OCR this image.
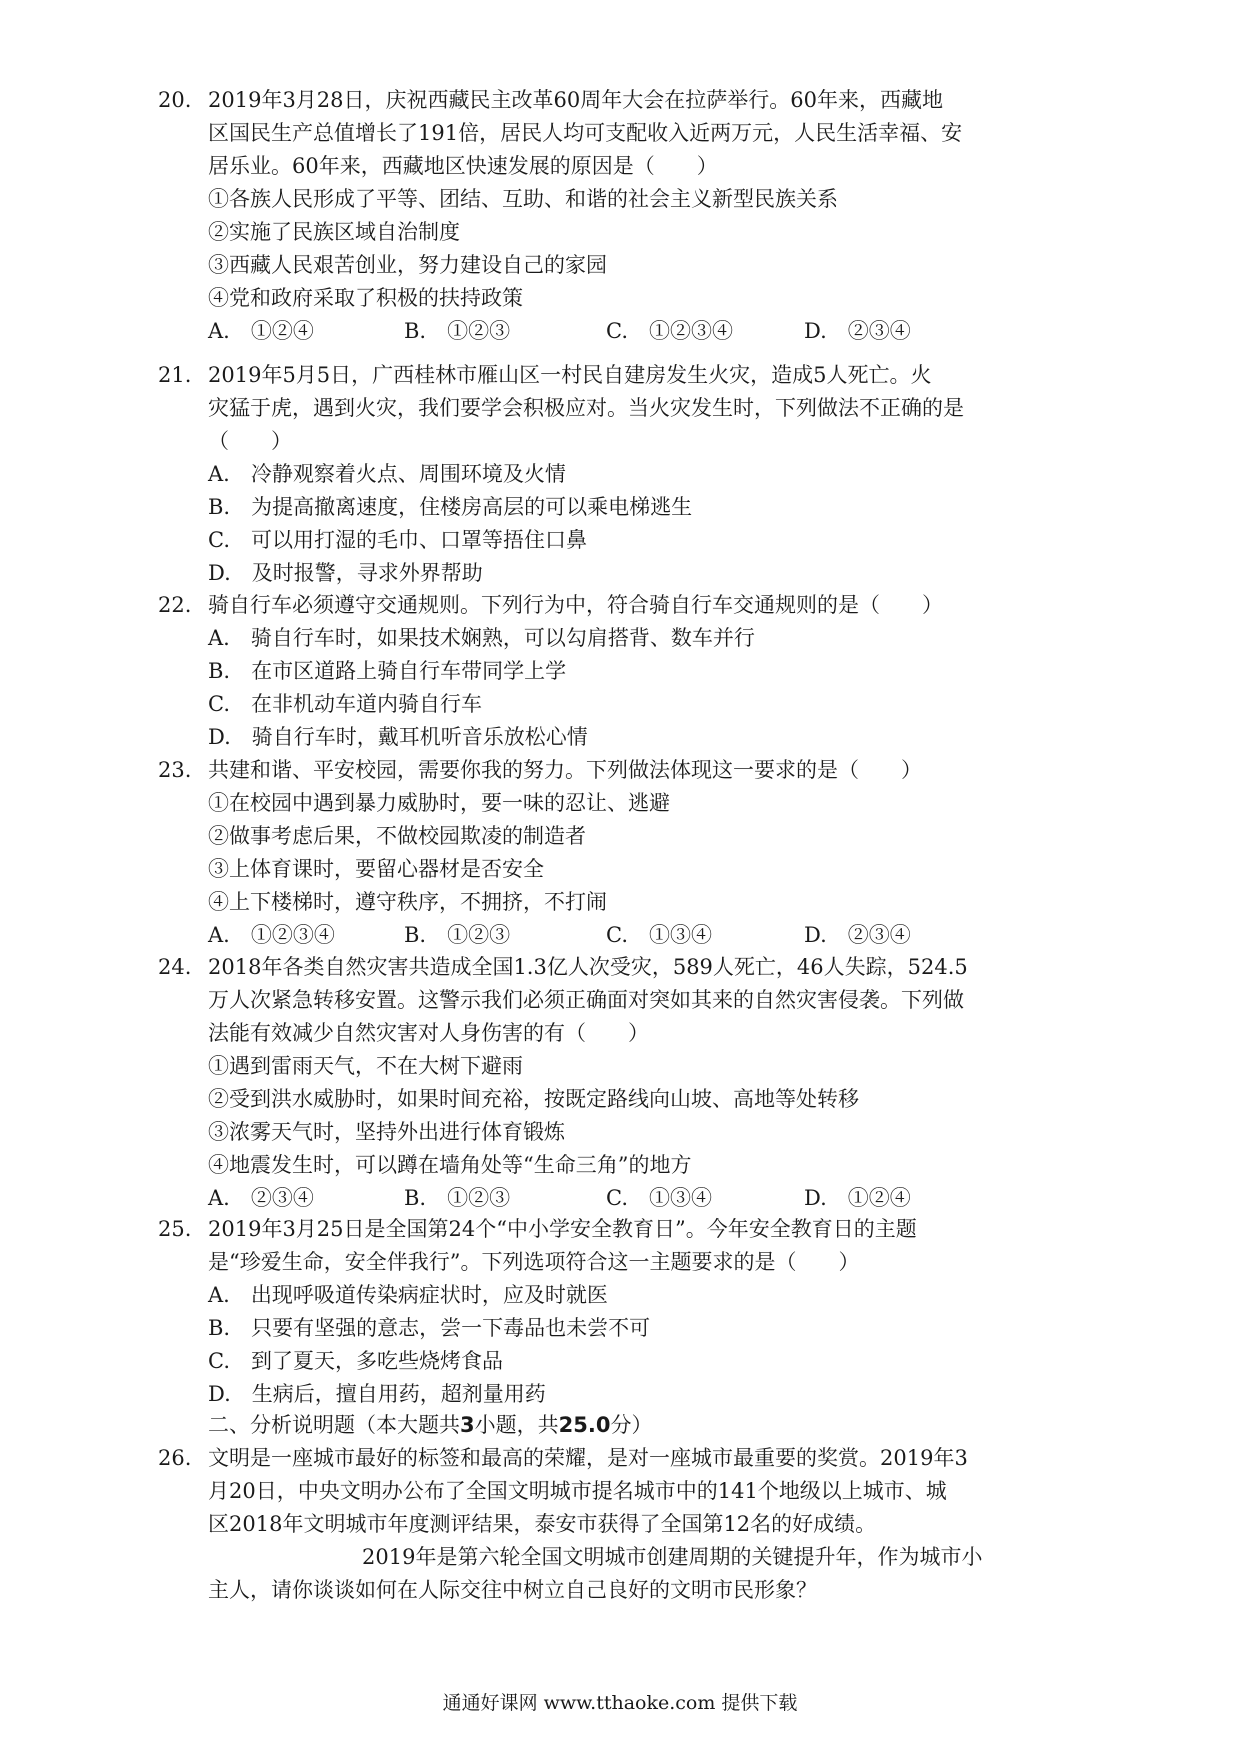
20. 2019年3月28日，庆祝西藏民主改革60周年大会在拉萨举行。60年来，西藏地
区国民生产总值增长了191倍，居民人均可支配收入近两万元，人民生活幸福、安
居乐业。60年来，西藏地区快速发展的原因是（　　）
①各族人民形成了平等、团结、互助、和谐的社会主义新型民族关系
②实施了民族区域自治制度
③西藏人民艰苦创业，努力建设自己的家园
④党和政府采取了积极的扶持政策
A.　①②④	B.　①②③	C.　①②③④	D.　②③④
21. 2019年5月5日，广西桂林市雁山区一村民自建房发生火灾，造成5人死亡。火
灾猛于虎，遇到火灾，我们要学会积极应对。当火灾发生时，下列做法不正确的是
（　　）
A.　冷静观察着火点、周围环境及火情
B.　为提高撤离速度，住楼房高层的可以乘电梯逃生
C.　可以用打湿的毛巾、口罩等捂住口鼻
D.　及时报警，寻求外界帮助
22. 骑自行车必须遵守交通规则。下列行为中，符合骑自行车交通规则的是（　　）
A.　骑自行车时，如果技术娴熟，可以勾肩搭背、数车并行
B.　在市区道路上骑自行车带同学上学
C.　在非机动车道内骑自行车
D.　骑自行车时，戴耳机听音乐放松心情
23. 共建和谐、平安校园，需要你我的努力。下列做法体现这一要求的是（　　）
①在校园中遇到暴力威胁时，要一味的忍让、逃避
②做事考虑后果，不做校园欺凌的制造者
③上体育课时，要留心器材是否安全
④上下楼梯时，遵守秩序，不拥挤，不打闹
A.　①②③④	B.　①②③	C.　①③④	D.　②③④
24. 2018年各类自然灾害共造成全国1.3亿人次受灾，589人死亡，46人失踪，524.5
万人次紧急转移安置。这警示我们必须正确面对突如其来的自然灾害侵袭。下列做
法能有效减少自然灾害对人身伤害的有（　　）
①遇到雷雨天气，不在大树下避雨
②受到洪水威胁时，如果时间充裕，按既定路线向山坡、高地等处转移
③浓雾天气时，坚持外出进行体育锻炼
④地震发生时，可以蹲在墙角处等“生命三角”的地方
A.　②③④	B.　①②③	C.　①③④	D.　①②④
25. 2019年3月25日是全国第24个“中小学安全教育日”。今年安全教育日的主题
是“珍爱生命，安全伴我行”。下列选项符合这一主题要求的是（　　）
A.　出现呼吸道传染病症状时，应及时就医
B.　只要有坚强的意志，尝一下毒品也未尝不可
C.　到了夏天，多吃些烧烤食品
D.　生病后，擅自用药，超剂量用药
二、分析说明题（本大题共3小题，共25.0分）
26. 文明是一座城市最好的标签和最高的荣耀，是对一座城市最重要的奖赏。2019年3
月20日，中央文明办公布了全国文明城市提名城市中的141个地级以上城市、城
区2018年文明城市年度测评结果，泰安市获得了全国第12名的好成绩。
2019年是第六轮全国文明城市创建周期的关键提升年，作为城市小
主人，请你谈谈如何在人际交往中树立自己良好的文明市民形象？
通通好课网 www.tthaoke.com 提供下载
